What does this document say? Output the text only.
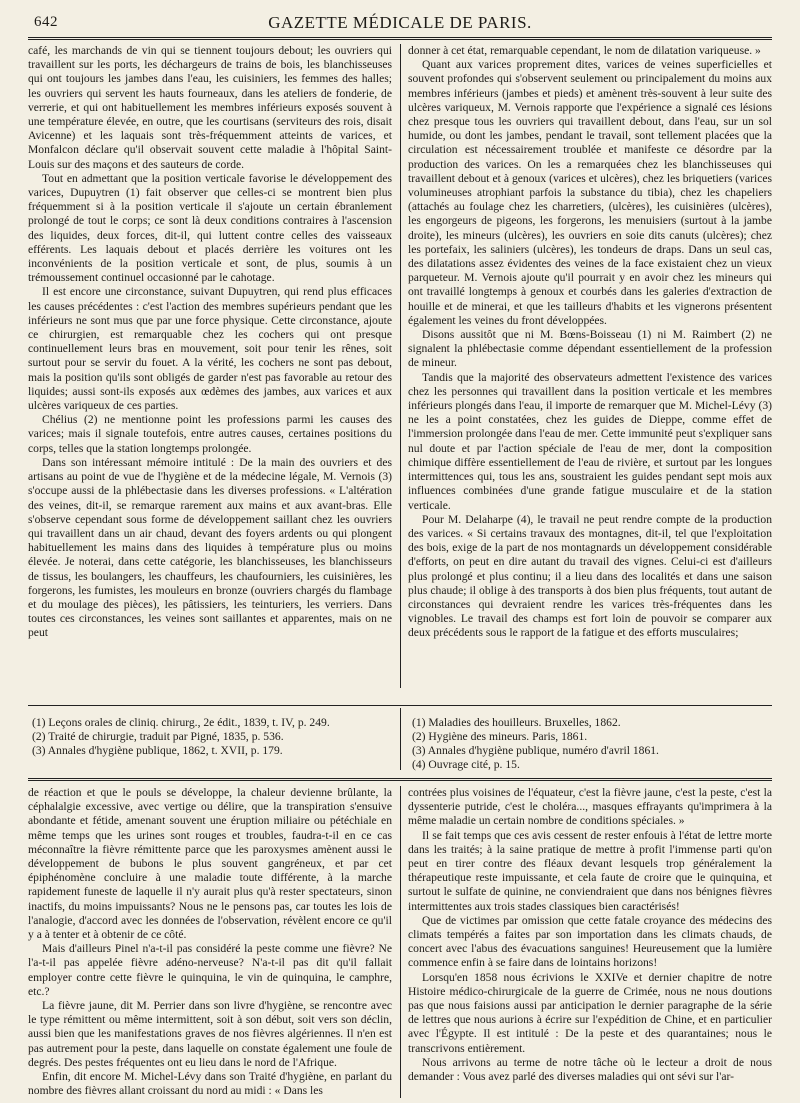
642	GAZETTE MÉDICALE DE PARIS.

café, les marchands de vin qui se tiennent toujours debout; les ouvriers qui travaillent sur les ports, les déchargeurs de trains de bois, les blanchisseuses qui ont toujours les jambes dans l'eau, les cuisiniers, les femmes des halles; les ouvriers qui servent les hauts fourneaux, dans les ateliers de fonderie, de verrerie, et qui ont habituellement les membres inférieurs exposés souvent à une température élevée, en outre, que les courtisans (serviteurs des rois, disait Avicenne) et les laquais sont très-fréquemment atteints de varices, et Monfalcon déclare qu'il observait souvent cette maladie à l'hôpital Saint-Louis sur des maçons et des sauteurs de corde.

Tout en admettant que la position verticale favorise le développement des varices, Dupuytren (1) fait observer que celles-ci se montrent bien plus fréquemment si à la position verticale il s'ajoute un certain ébranlement prolongé de tout le corps; ce sont là deux conditions contraires à l'ascension des liquides, deux forces, dit-il, qui luttent contre celles des vaisseaux efférents. Les laquais debout et placés derrière les voitures ont les inconvénients de la position verticale et sont, de plus, soumis à un trémoussement continuel occasionné par le cahotage.

Il est encore une circonstance, suivant Dupuytren, qui rend plus efficaces les causes précédentes : c'est l'action des membres supérieurs pendant que les inférieurs ne sont mus que par une force physique. Cette circonstance, ajoute ce chirurgien, est remarquable chez les cochers qui ont presque continuellement leurs bras en mouvement, soit pour tenir les rênes, soit surtout pour se servir du fouet. A la vérité, les cochers ne sont pas debout, mais la position qu'ils sont obligés de garder n'est pas favorable au retour des liquides; aussi sont-ils exposés aux œdèmes des jambes, aux varices et aux ulcères variqueux de ces parties.

Chélius (2) ne mentionne point les professions parmi les causes des varices; mais il signale toutefois, entre autres causes, certaines positions du corps, telles que la station longtemps prolongée.

Dans son intéressant mémoire intitulé : De la main des ouvriers et des artisans au point de vue de l'hygiène et de la médecine légale, M. Vernois (3) s'occupe aussi de la phlébectasie dans les diverses professions. « L'altération des veines, dit-il, se remarque rarement aux mains et aux avant-bras. Elle s'observe cependant sous forme de développement saillant chez les ouvriers qui travaillent dans un air chaud, devant des foyers ardents ou qui plongent habituellement les mains dans des liquides à température plus ou moins élevée. Je noterai, dans cette catégorie, les blanchisseuses, les blanchisseurs de tissus, les boulangers, les chauffeurs, les chaufourniers, les cuisinières, les forgerons, les fumistes, les mouleurs en bronze (ouvriers chargés du flambage et du moulage des pièces), les pâtissiers, les teinturiers, les verriers. Dans toutes ces circonstances, les veines sont saillantes et apparentes, mais on ne peut

donner à cet état, remarquable cependant, le nom de dilatation variqueuse. »

Quant aux varices proprement dites, varices de veines superficielles et souvent profondes qui s'observent seulement ou principalement du moins aux membres inférieurs (jambes et pieds) et amènent très-souvent à leur suite des ulcères variqueux, M. Vernois rapporte que l'expérience a signalé ces lésions chez presque tous les ouvriers qui travaillent debout, dans l'eau, sur un sol humide, ou dont les jambes, pendant le travail, sont tellement placées que la circulation est nécessairement troublée et manifeste ce désordre par la production des varices. On les a remarquées chez les blanchisseuses qui travaillent debout et à genoux (varices et ulcères), chez les briquetiers (varices volumineuses atrophiant parfois la substance du tibia), chez les chapeliers (attachés au foulage chez les charretiers, (ulcères), les cuisinières (ulcères), les engorgeurs de pigeons, les forgerons, les menuisiers (surtout à la jambe droite), les mineurs (ulcères), les ouvriers en soie dits canuts (ulcères); chez les portefaix, les saliniers (ulcères), les tondeurs de draps. Dans un seul cas, des dilatations assez évidentes des veines de la face existaient chez un vieux parqueteur. M. Vernois ajoute qu'il pourrait y en avoir chez les mineurs qui ont travaillé longtemps à genoux et courbés dans les galeries d'extraction de houille et de minerai, et que les tailleurs d'habits et les vignerons présentent également les veines du front développées.

Disons aussitôt que ni M. Bœns-Boisseau (1) ni M. Raimbert (2) ne signalent la phlébectasie comme dépendant essentiellement de la profession de mineur.

Tandis que la majorité des observateurs admettent l'existence des varices chez les personnes qui travaillent dans la position verticale et les membres inférieurs plongés dans l'eau, il importe de remarquer que M. Michel-Lévy (3) ne les a point constatées, chez les guides de Dieppe, comme effet de l'immersion prolongée dans l'eau de mer. Cette immunité peut s'expliquer sans nul doute et par l'action spéciale de l'eau de mer, dont la composition chimique diffère essentiellement de l'eau de rivière, et surtout par les longues intermittences qui, tous les ans, soustraient les guides pendant sept mois aux influences combinées d'une grande fatigue musculaire et de la station verticale.

Pour M. Delaharpe (4), le travail ne peut rendre compte de la production des varices. « Si certains travaux des montagnes, dit-il, tel que l'exploitation des bois, exige de la part de nos montagnards un développement considérable d'efforts, on peut en dire autant du travail des vignes. Celui-ci est d'ailleurs plus prolongé et plus continu; il a lieu dans des localités et dans une saison plus chaude; il oblige à des transports à dos bien plus fréquents, tout autant de circonstances qui devraient rendre les varices très-fréquentes dans les vignobles. Le travail des champs est fort loin de pouvoir se comparer aux deux précédents sous le rapport de la fatigue et des efforts musculaires;

(1) Leçons orales de cliniq. chirurg., 2e édit., 1839, t. IV, p. 249.
(2) Traité de chirurgie, traduit par Pigné, 1835, p. 536.
(3) Annales d'hygiène publique, 1862, t. XVII, p. 179.
(1) Maladies des houilleurs. Bruxelles, 1862.
(2) Hygiène des mineurs. Paris, 1861.
(3) Annales d'hygiène publique, numéro d'avril 1861.
(4) Ouvrage cité, p. 15.

de réaction et que le pouls se développe, la chaleur devienne brûlante, la céphalalgie excessive, avec vertige ou délire, que la transpiration s'ensuive abondante et fétide, amenant souvent une éruption miliaire ou pétéchiale en même temps que les urines sont rouges et troubles, faudra-t-il en ce cas méconnaître la fièvre rémittente parce que les paroxysmes amènent aussi le développement de bubons le plus souvent gangréneux, et par cet épiphénomène concluire à une maladie toute différente, à la marche rapidement funeste de laquelle il n'y aurait plus qu'à rester spectateurs, sinon inactifs, du moins impuissants? Nous ne le pensons pas, car toutes les lois de l'analogie, d'accord avec les données de l'observation, révèlent encore ce qu'il y a à tenter et à obtenir de ce côté.

Mais d'ailleurs Pinel n'a-t-il pas considéré la peste comme une fièvre? Ne l'a-t-il pas appelée fièvre adéno-nerveuse? N'a-t-il pas dit qu'il fallait employer contre cette fièvre le quinquina, le vin de quinquina, le camphre, etc.?

La fièvre jaune, dit M. Perrier dans son livre d'hygiène, se rencontre avec le type rémittent ou même intermittent, soit à son début, soit vers son déclin, aussi bien que les manifestations graves de nos fièvres algériennes. Il n'en est pas autrement pour la peste, dans laquelle on constate également une foule de degrés. Des pestes fréquentes ont eu lieu dans le nord de l'Afrique.

Enfin, dit encore M. Michel-Lévy dans son Traité d'hygiène, en parlant du nombre des fièvres allant croissant du nord au midi : « Dans les

contrées plus voisines de l'équateur, c'est la fièvre jaune, c'est la peste, c'est la dyssenterie putride, c'est le choléra..., masques effrayants qu'imprimera à la même maladie un certain nombre de conditions spéciales. »

Il se fait temps que ces avis cessent de rester enfouis à l'état de lettre morte dans les traités; à la saine pratique de mettre à profit l'immense parti qu'on peut en tirer contre des fléaux devant lesquels trop généralement la thérapeutique reste impuissante, et cela faute de croire que le quinquina, et surtout le sulfate de quinine, ne conviendraient que dans nos bénignes fièvres intermittentes aux trois stades classiques bien caractérisés!

Que de victimes par omission que cette fatale croyance des médecins des climats tempérés a faites par son importation dans les climats chauds, de concert avec l'abus des évacuations sanguines! Heureusement que la lumière commence enfin à se faire dans de lointains horizons!

Lorsqu'en 1858 nous écrivions le XXIVe et dernier chapitre de notre Histoire médico-chirurgicale de la guerre de Crimée, nous ne nous doutions pas que nous faisions aussi par anticipation le dernier paragraphe de la série de lettres que nous aurions à écrire sur l'expédition de Chine, et en particulier avec l'Égypte. Il est intitulé : De la peste et des quarantaines; nous le transcrivons entièrement.

Nous arrivons au terme de notre tâche où le lecteur a droit de nous demander : Vous avez parlé des diverses maladies qui ont sévi sur l'ar-
